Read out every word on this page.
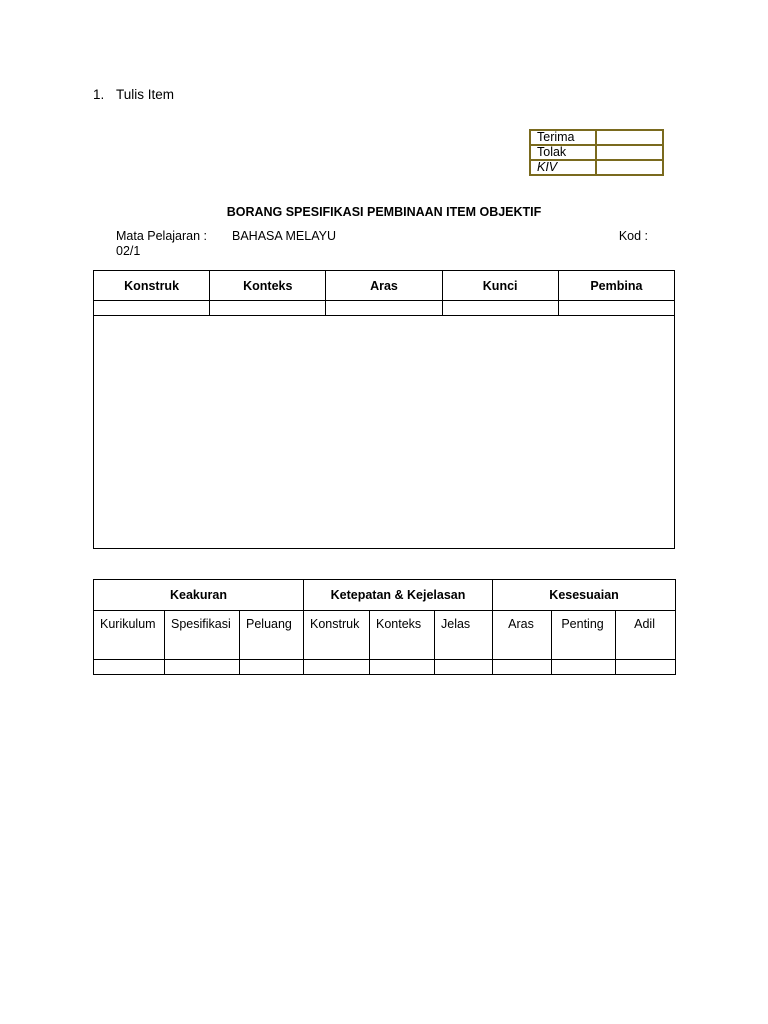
1. Tulis Item
Terima	
Tolak	
KIV	
BORANG SPESIFIKASI PEMBINAAN ITEM OBJEKTIF
Mata Pelajaran : BAHASA MELAYU	Kod :
02/1
Konstruk	Konteks	Aras	Kunci	Pembina

Keakuran			Ketepatan & Kejelasan			Kesesuaian		
Kurikulum	Spesifikasi	Peluang	Konstruk	Konteks	Jelas	Aras	Penting	Adil
